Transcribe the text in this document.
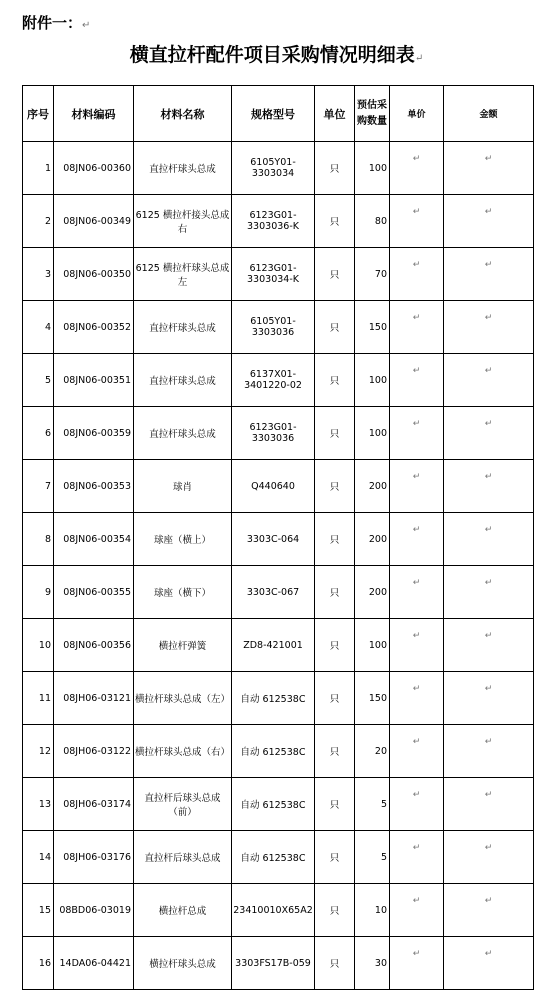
附件一：↵
横直拉杆配件项目采购情况明细表↵
序号	材料编码	材料名称	规格型号	单位	预估采购数量	单价	金额
1	08JN06-00360	直拉杆球头总成	6105Y01-3303034	只	100	↵	↵
2	08JN06-00349	6125 横拉杆接头总成右	6123G01-3303036-K	只	80	↵	↵
3	08JN06-00350	6125 横拉杆球头总成左	6123G01-3303034-K	只	70	↵	↵
4	08JN06-00352	直拉杆球头总成	6105Y01-3303036	只	150	↵	↵
5	08JN06-00351	直拉杆球头总成	6137X01-3401220-02	只	100	↵	↵
6	08JN06-00359	直拉杆球头总成	6123G01-3303036	只	100	↵	↵
7	08JN06-00353	球肖	Q440640	只	200	↵	↵
8	08JN06-00354	球座（横上）	3303C-064	只	200	↵	↵
9	08JN06-00355	球座（横下）	3303C-067	只	200	↵	↵
10	08JN06-00356	横拉杆弹簧	ZD8-421001	只	100	↵	↵
11	08JH06-03121	横拉杆球头总成（左）	自动 612538C	只	150	↵	↵
12	08JH06-03122	横拉杆球头总成（右）	自动 612538C	只	20	↵	↵
13	08JH06-03174	直拉杆后球头总成（前）	自动 612538C	只	5	↵	↵
14	08JH06-03176	直拉杆后球头总成	自动 612538C	只	5	↵	↵
15	08BD06-03019	横拉杆总成	23410010X65A2	只	10	↵	↵
16	14DA06-04421	横拉杆球头总成	3303FS17B-059	只	30	↵	↵
